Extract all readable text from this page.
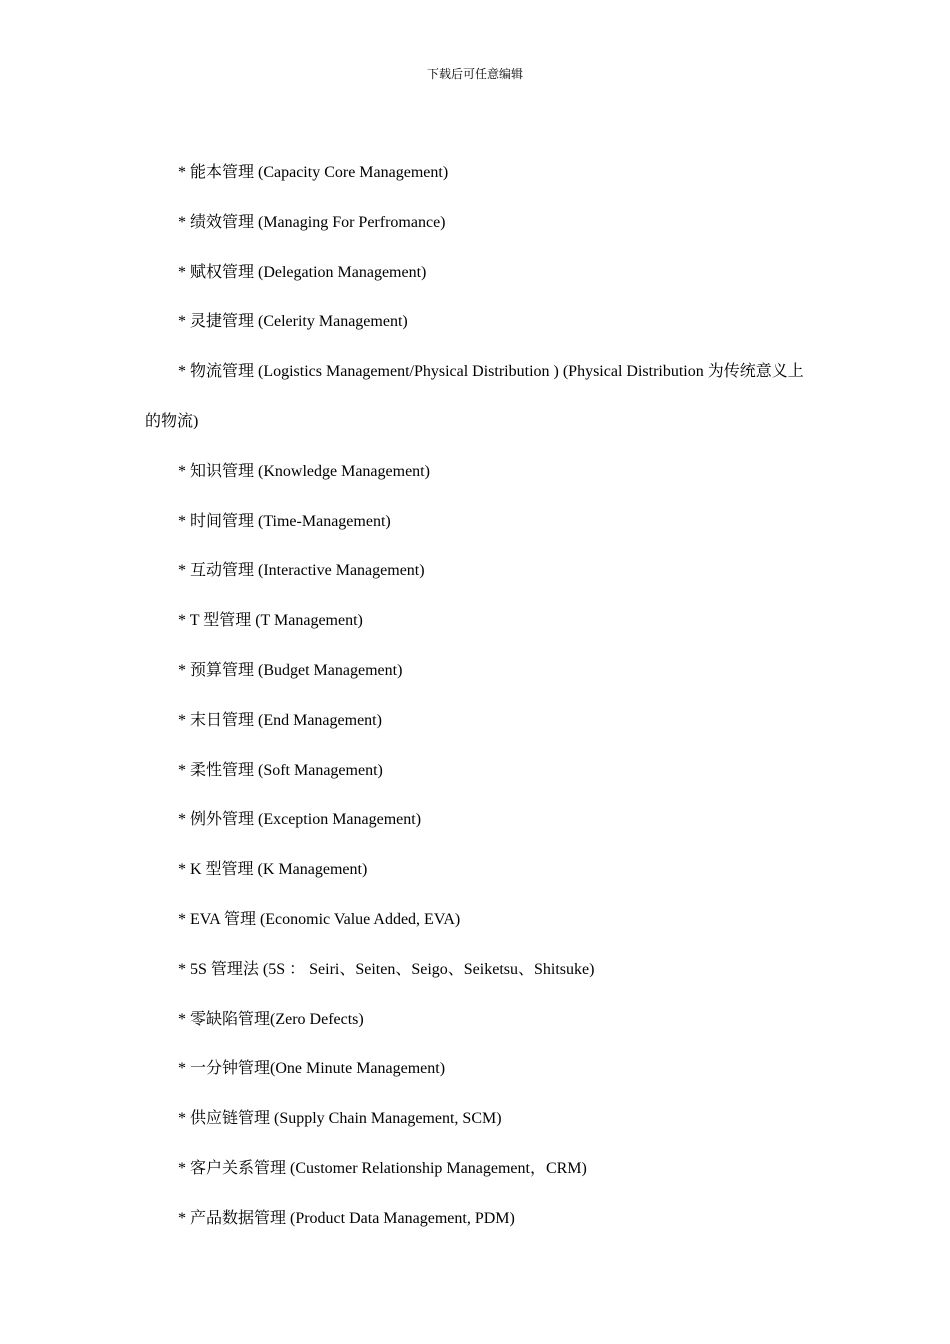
下载后可任意编辑

* 能本管理 (Capacity Core Management)

* 绩效管理 (Managing For Perfromance)

* 赋权管理 (Delegation Management)

* 灵捷管理 (Celerity Management)

* 物流管理 (Logistics Management/Physical Distribution ) (Physical Distribution 为传统意义上的物流)

* 知识管理 (Knowledge Management)

* 时间管理 (Time-Management)

* 互动管理 (Interactive Management)

* T 型管理 (T Management)

* 预算管理 (Budget Management)

* 末日管理 (End Management)

* 柔性管理 (Soft Management)

* 例外管理 (Exception Management)

* K 型管理 (K Management)

* EVA 管理 (Economic Value Added, EVA)

* 5S 管理法 (5S ： Seiri、Seiten、Seigo、Seiketsu、Shitsuke)

* 零缺陷管理(Zero Defects)

* 一分钟管理(One Minute Management)

* 供应链管理 (Supply Chain Management, SCM)

* 客户关系管理 (Customer Relationship Management，CRM)

* 产品数据管理 (Product Data Management, PDM)
